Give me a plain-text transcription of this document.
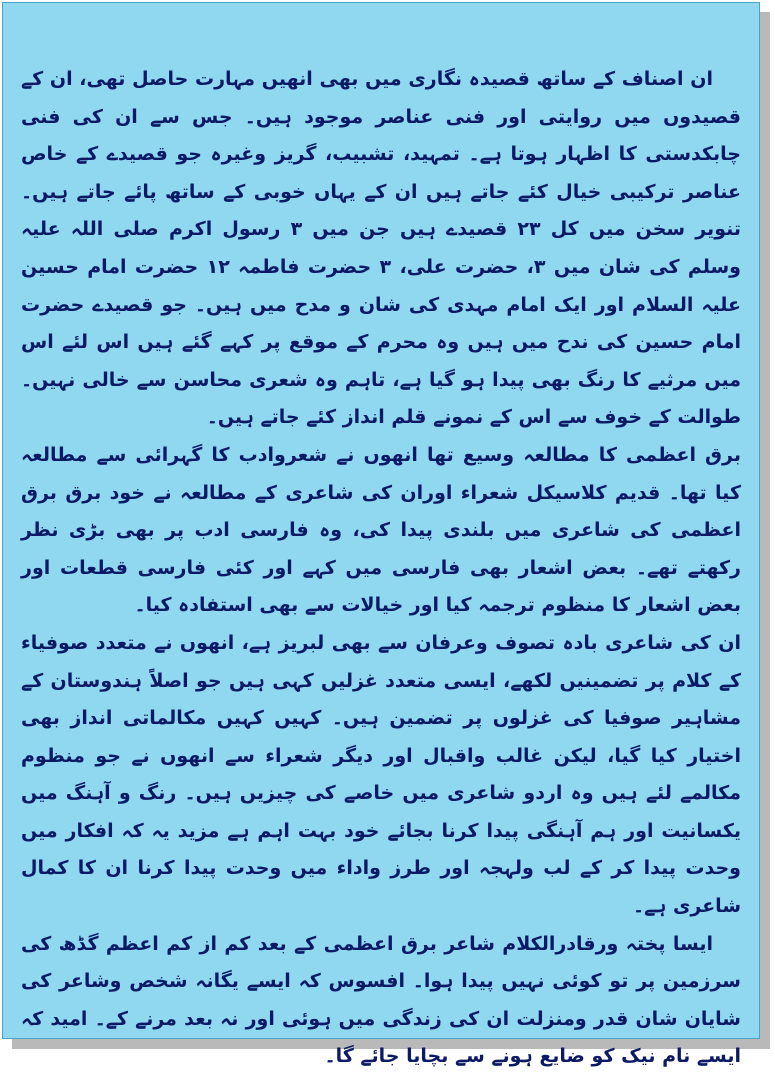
ان اصناف کے ساتھ قصیدہ نگاری میں بھی انھیں مہارت حاصل تھی، ان کے قصیدوں میں روایتی اور فنی عناصر موجود ہیں۔ جس سے ان کی فنی چابکدستی کا اظہار ہوتا ہے۔ تمہید، تشبیب، گریز وغیرہ جو قصیدے کے خاص عناصر ترکیبی خیال کئے جاتے ہیں ان کے یہاں خوبی کے ساتھ پائے جاتے ہیں۔ تنویر سخن میں کل ۲۳ قصیدے ہیں جن میں ۳ رسول اکرم صلی اللہ علیہ وسلم کی شان میں ۳، حضرت علی، ۳ حضرت فاطمہ ۱۲ حضرت امام حسین علیہ السلام اور ایک امام مہدی کی شان و مدح میں ہیں۔ جو قصیدے حضرت امام حسین کی ندح میں ہیں وہ محرم کے موقع پر کہے گئے ہیں اس لئے اس میں مرثیے کا رنگ بھی پیدا ہو گیا ہے، تاہم وہ شعری محاسن سے خالی نہیں۔ طوالت کے خوف سے اس کے نمونے قلم انداز کئے جاتے ہیں۔

برق اعظمی کا مطالعہ وسیع تھا انھوں نے شعروادب کا گہرائی سے مطالعہ کیا تھا۔ قدیم کلاسیکل شعراء اوران کی شاعری کے مطالعہ نے خود برق برق اعظمی کی شاعری میں بلندی پیدا کی، وہ فارسی ادب پر بھی بڑی نظر رکھتے تھے۔ بعض اشعار بھی فارسی میں کہے اور کئی فارسی قطعات اور بعض اشعار کا منظوم ترجمہ کیا اور خیالات سے بھی استفادہ کیا۔

ان کی شاعری بادہ تصوف وعرفان سے بھی لبریز ہے، انھوں نے متعدد صوفیاء کے کلام پر تضمینیں لکھے، ایسی متعدد غزلیں کہی ہیں جو اصلاً ہندوستان کے مشاہیر صوفیا کی غزلوں پر تضمین ہیں۔ کہیں کہیں مکالماتی انداز بھی اختیار کیا گیا، لیکن غالب واقبال اور دیگر شعراء سے انھوں نے جو منظوم مکالمے لئے ہیں وہ اردو شاعری میں خاصے کی چیزیں ہیں۔ رنگ و آہنگ میں یکسانیت اور ہم آہنگی پیدا کرنا بجائے خود بہت اہم ہے مزید یہ کہ افکار میں وحدت پیدا کر کے لب ولہجہ اور طرز واداء میں وحدت پیدا کرنا ان کا کمال شاعری ہے۔

ایسا پختہ ورقادرالکلام شاعر برق اعظمی کے بعد کم از کم اعظم گڈھ کی سرزمین پر تو کوئی نہیں پیدا ہوا۔ افسوس کہ ایسے یگانہ شخص وشاعر کی شایان شان قدر ومنزلت ان کی زندگی میں ہوئی اور نہ بعد مرنے کے۔ امید کہ ایسے نام نیک کو ضایع ہونے سے بچایا جائے گا۔
